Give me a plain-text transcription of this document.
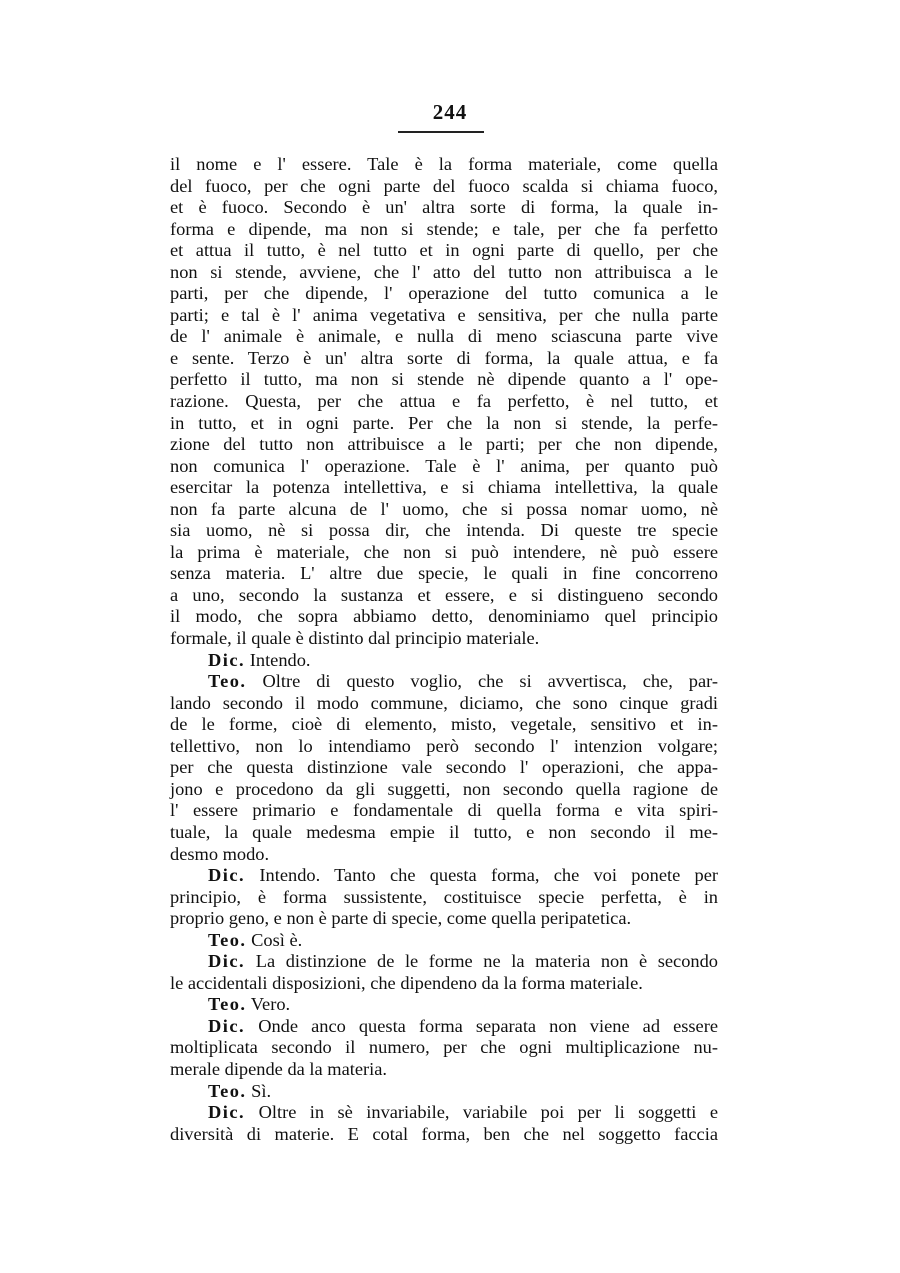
244
il nome e l' essere. Tale è la forma materiale, come quella
del fuoco, per che ogni parte del fuoco scalda si chiama fuoco,
et è fuoco. Secondo è un' altra sorte di forma, la quale in-
forma e dipende, ma non si stende; e tale, per che fa perfetto
et attua il tutto, è nel tutto et in ogni parte di quello, per che
non si stende, avviene, che l' atto del tutto non attribuisca a le
parti, per che dipende, l' operazione del tutto comunica a le
parti; e tal è l' anima vegetativa e sensitiva, per che nulla parte
de l' animale è animale, e nulla di meno sciascuna parte vive
e sente. Terzo è un' altra sorte di forma, la quale attua, e fa
perfetto il tutto, ma non si stende nè dipende quanto a l' ope-
razione. Questa, per che attua e fa perfetto, è nel tutto, et
in tutto, et in ogni parte. Per che la non si stende, la perfe-
zione del tutto non attribuisce a le parti; per che non dipende,
non comunica l' operazione. Tale è l' anima, per quanto può
esercitar la potenza intellettiva, e si chiama intellettiva, la quale
non fa parte alcuna de l' uomo, che si possa nomar uomo, nè
sia uomo, nè si possa dir, che intenda. Di queste tre specie
la prima è materiale, che non si può intendere, nè può essere
senza materia. L' altre due specie, le quali in fine concorreno
a uno, secondo la sustanza et essere, e si distingueno secondo
il modo, che sopra abbiamo detto, denominiamo quel principio
formale, il quale è distinto dal principio materiale.
Dic. Intendo.
Teo. Oltre di questo voglio, che si avvertisca, che, par-
lando secondo il modo commune, diciamo, che sono cinque gradi
de le forme, cioè di elemento, misto, vegetale, sensitivo et in-
tellettivo, non lo intendiamo però secondo l' intenzion volgare;
per che questa distinzione vale secondo l' operazioni, che appa-
jono e procedono da gli suggetti, non secondo quella ragione de
l' essere primario e fondamentale di quella forma e vita spiri-
tuale, la quale medesma empie il tutto, e non secondo il me-
desmo modo.
Dic. Intendo. Tanto che questa forma, che voi ponete per
principio, è forma sussistente, costituisce specie perfetta, è in
proprio geno, e non è parte di specie, come quella peripatetica.
Teo. Così è.
Dic. La distinzione de le forme ne la materia non è secondo
le accidentali disposizioni, che dipendeno da la forma materiale.
Teo. Vero.
Dic. Onde anco questa forma separata non viene ad essere
moltiplicata secondo il numero, per che ogni multiplicazione nu-
merale dipende da la materia.
Teo. Sì.
Dic. Oltre in sè invariabile, variabile poi per li soggetti e
diversità di materie. E cotal forma, ben che nel soggetto faccia
